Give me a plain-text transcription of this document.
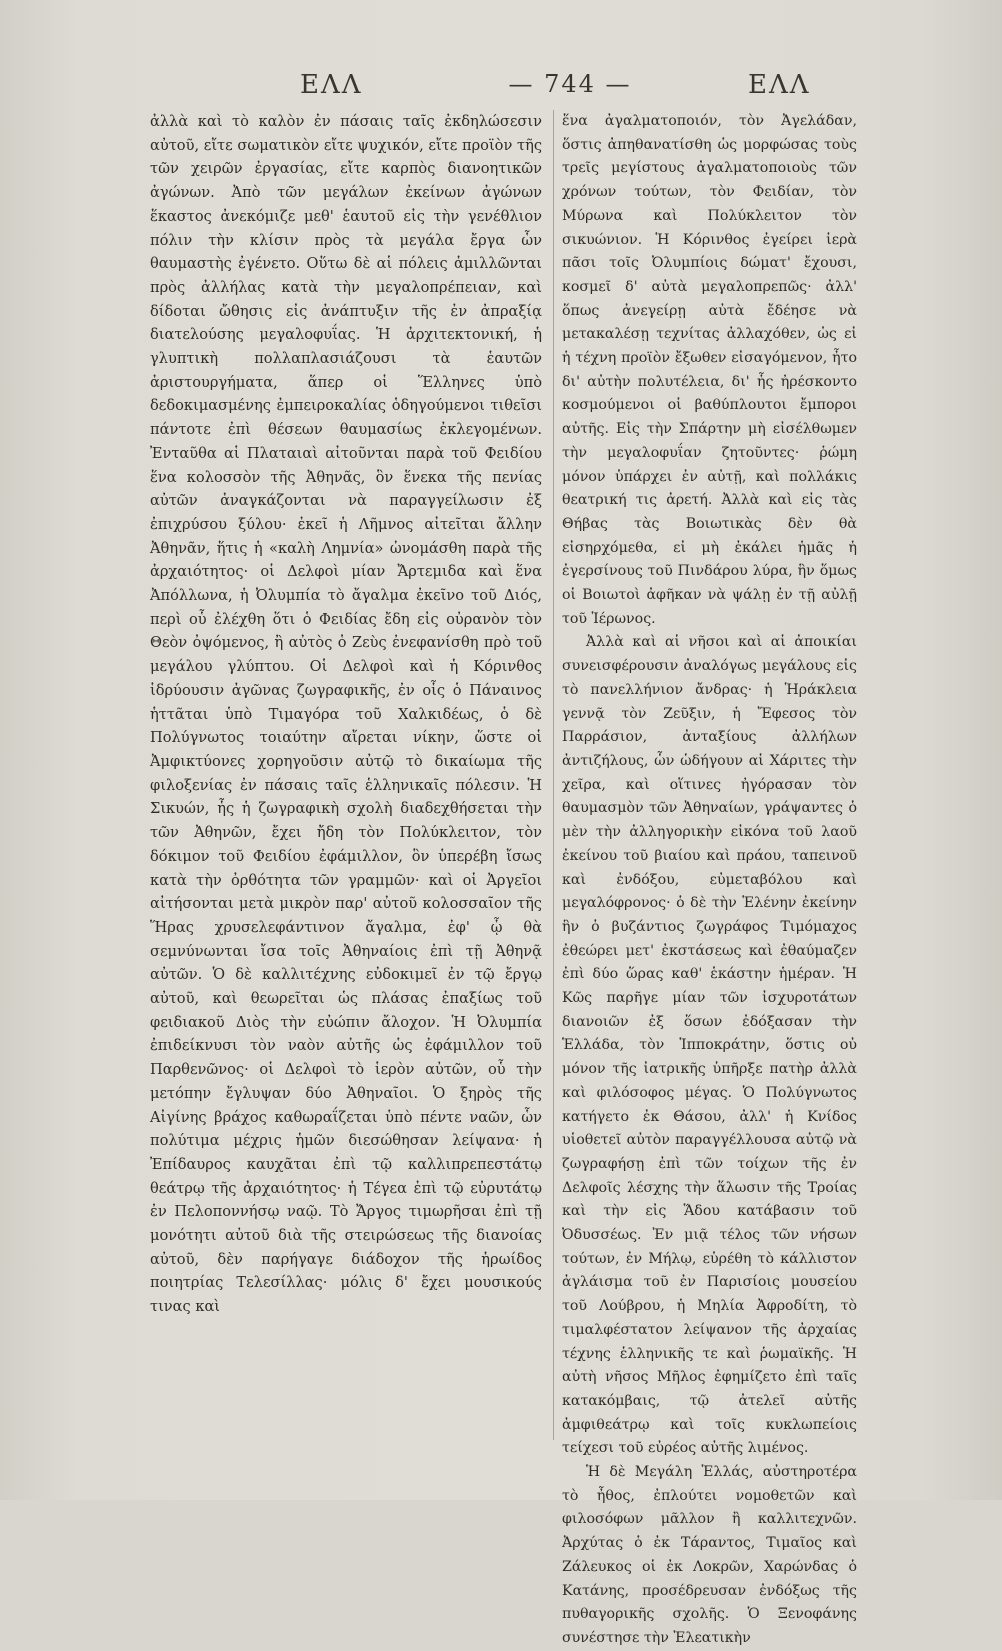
ΕΛΛ	— 744 —	ΕΛΛ

ἀλλὰ καὶ τὸ καλὸν ἐν πάσαις ταῖς ἐκδηλώσεσιν αὐτοῦ, εἴτε σωματικὸν εἴτε ψυχικόν, εἴτε προϊὸν τῆς τῶν χειρῶν ἐργασίας, εἴτε καρπὸς διανοητικῶν ἀγώνων. Ἀπὸ τῶν μεγάλων ἐκείνων ἀγώνων ἕκαστος ἀνεκόμιζε μεθ' ἑαυτοῦ εἰς τὴν γενέθλιον πόλιν τὴν κλίσιν πρὸς τὰ μεγάλα ἔργα ὧν θαυμαστὴς ἐγένετο. Οὕτω δὲ αἱ πόλεις ἁμιλλῶνται πρὸς ἀλλήλας κατὰ τὴν μεγαλοπρέπειαν, καὶ δίδοται ὤθησις εἰς ἀνάπτυξιν τῆς ἐν ἀπραξίᾳ διατελούσης μεγαλοφυΐας. Ἡ ἀρχιτεκτονική, ἡ γλυπτικὴ πολλαπλασιάζουσι τὰ ἑαυτῶν ἀριστουργήματα, ἅπερ οἱ Ἕλληνες ὑπὸ δεδοκιμασμένης ἐμπειροκαλίας ὁδηγούμενοι τιθεῖσι πάντοτε ἐπὶ θέσεων θαυμασίως ἐκλεγομένων. Ἐνταῦθα αἱ Πλαταιαὶ αἰτοῦνται παρὰ τοῦ Φειδίου ἕνα κολοσσὸν τῆς Ἀθηνᾶς, ὃν ἕνεκα τῆς πενίας αὐτῶν ἀναγκάζονται νὰ παραγγείλωσιν ἐξ ἐπιχρύσου ξύλου· ἐκεῖ ἡ Λῆμνος αἰτεῖται ἄλλην Ἀθηνᾶν, ἥτις ἡ «καλὴ Λημνία» ὠνομάσθη παρὰ τῆς ἀρχαιότητος· οἱ Δελφοὶ μίαν Ἄρτεμιδα καὶ ἕνα Ἀπόλλωνα, ἡ Ὀλυμπία τὸ ἄγαλμα ἐκεῖνο τοῦ Διός, περὶ οὗ ἐλέχθη ὅτι ὁ Φειδίας ἔδη εἰς οὐρανὸν τὸν Θεὸν ὀψόμενος, ἢ αὐτὸς ὁ Ζεὺς ἐνεφανίσθη πρὸ τοῦ μεγάλου γλύπτου. Οἱ Δελφοὶ καὶ ἡ Κόρινθος ἱδρύουσιν ἀγῶνας ζωγραφικῆς, ἐν οἷς ὁ Πάναινος ἡττᾶται ὑπὸ Τιμαγόρα τοῦ Χαλκιδέως, ὁ δὲ Πολύγνωτος τοιαύτην αἴρεται νίκην, ὥστε οἱ Ἀμφικτύονες χορηγοῦσιν αὐτῷ τὸ δικαίωμα τῆς φιλοξενίας ἐν πάσαις ταῖς ἑλληνικαῖς πόλεσιν. Ἡ Σικυών, ἧς ἡ ζωγραφικὴ σχολὴ διαδεχθήσεται τὴν τῶν Ἀθηνῶν, ἔχει ἤδη τὸν Πολύκλειτον, τὸν δόκιμον τοῦ Φειδίου ἐφάμιλλον, ὃν ὑπερέβη ἴσως κατὰ τὴν ὀρθότητα τῶν γραμμῶν· καὶ οἱ Ἀργεῖοι αἰτήσονται μετὰ μικρὸν παρ' αὐτοῦ κολοσσαῖον τῆς Ἥρας χρυσελεφάντινον ἄγαλμα, ἐφ' ᾧ θὰ σεμνύνωνται ἴσα τοῖς Ἀθηναίοις ἐπὶ τῇ Ἀθηνᾷ αὐτῶν. Ὁ δὲ καλλιτέχνης εὐδοκιμεῖ ἐν τῷ ἔργῳ αὐτοῦ, καὶ θεωρεῖται ὡς πλάσας ἐπαξίως τοῦ φειδιακοῦ Διὸς τὴν εὐώπιν ἄλοχον. Ἡ Ὀλυμπία ἐπιδείκνυσι τὸν ναὸν αὐτῆς ὡς ἐφάμιλλον τοῦ Παρθενῶνος· οἱ Δελφοὶ τὸ ἱερὸν αὐτῶν, οὗ τὴν μετόπην ἔγλυψαν δύο Ἀθηναῖοι. Ὁ ξηρὸς τῆς Αἰγίνης βράχος καθωραΐζεται ὑπὸ πέντε ναῶν, ὧν πολύτιμα μέχρις ἡμῶν διεσώθησαν λείψανα· ἡ Ἐπίδαυρος καυχᾶται ἐπὶ τῷ καλλιπρεπεστάτῳ θεάτρῳ τῆς ἀρχαιότητος· ἡ Τέγεα ἐπὶ τῷ εὐρυτάτῳ ἐν Πελοποννήσῳ ναῷ. Τὸ Ἄργος τιμωρῆσαι ἐπὶ τῇ μονότητι αὐτοῦ διὰ τῆς στειρώσεως τῆς διανοίας αὐτοῦ, δὲν παρήγαγε διάδοχον τῆς ἡρωίδος ποιητρίας Τελεσίλλας· μόλις δ' ἔχει μουσικούς τινας καὶ

ἕνα ἀγαλματοποιόν, τὸν Ἀγελάδαν, ὅστις ἀπηθανατίσθη ὡς μορφώσας τοὺς τρεῖς μεγίστους ἀγαλματοποιοὺς τῶν χρόνων τούτων, τὸν Φειδίαν, τὸν Μύρωνα καὶ Πολύκλειτον τὸν σικυώνιον. Ἡ Κόρινθος ἐγείρει ἱερὰ πᾶσι τοῖς Ὀλυμπίοις δώματ' ἔχουσι, κοσμεῖ δ' αὐτὰ μεγαλοπρεπῶς· ἀλλ' ὅπως ἀνεγείρῃ αὐτὰ ἔδέησε νὰ μετακαλέσῃ τεχνίτας ἀλλαχόθεν, ὡς εἰ ἡ τέχνη προϊὸν ἔξωθεν εἰσαγόμενον, ἦτο δι' αὐτὴν πολυτέλεια, δι' ἧς ἠρέσκοντο κοσμούμενοι οἱ βαθύπλουτοι ἔμποροι αὐτῆς. Εἰς τὴν Σπάρτην μὴ εἰσέλθωμεν τὴν μεγαλοφυΐαν ζητοῦντες· ῥώμη μόνον ὑπάρχει ἐν αὐτῇ, καὶ πολλάκις θεατρική τις ἀρετή. Ἀλλὰ καὶ εἰς τὰς Θήβας τὰς Βοιωτικὰς δὲν θὰ εἰσηρχόμεθα, εἰ μὴ ἐκάλει ἡμᾶς ἡ ἐγερσίνους τοῦ Πινδάρου λύρα, ἣν ὅμως οἱ Βοιωτοὶ ἀφῆκαν νὰ ψάλῃ ἐν τῇ αὐλῇ τοῦ Ἱέρωνος.

Ἀλλὰ καὶ αἱ νῆσοι καὶ αἱ ἀποικίαι συνεισφέρουσιν ἀναλόγως μεγάλους εἰς τὸ πανελλήνιον ἄνδρας· ἡ Ἡράκλεια γεννᾷ τὸν Ζεῦξιν, ἡ Ἔφεσος τὸν Παρράσιον, ἀνταξίους ἀλλήλων ἀντιζήλους, ὧν ὡδήγουν αἱ Χάριτες τὴν χεῖρα, καὶ οἵτινες ἠγόρασαν τὸν θαυμασμὸν τῶν Ἀθηναίων, γράψαντες ὁ μὲν τὴν ἀλληγορικὴν εἰκόνα τοῦ λαοῦ ἐκείνου τοῦ βιαίου καὶ πράου, ταπεινοῦ καὶ ἐνδόξου, εὐμεταβόλου καὶ μεγαλόφρονος· ὁ δὲ τὴν Ἑλένην ἐκείνην ἣν ὁ βυζάντιος ζωγράφος Τιμόμαχος ἐθεώρει μετ' ἐκστάσεως καὶ ἐθαύμαζεν ἐπὶ δύο ὥρας καθ' ἑκάστην ἡμέραν. Ἡ Κῶς παρῆγε μίαν τῶν ἰσχυροτάτων διανοιῶν ἐξ ὅσων ἐδόξασαν τὴν Ἑλλάδα, τὸν Ἱπποκράτην, ὅστις οὐ μόνον τῆς ἰατρικῆς ὑπῆρξε πατὴρ ἀλλὰ καὶ φιλόσοφος μέγας. Ὁ Πολύγνωτος κατήγετο ἐκ Θάσου, ἀλλ' ἡ Κνίδος υἱοθετεῖ αὐτὸν παραγγέλλουσα αὐτῷ νὰ ζωγραφήσῃ ἐπὶ τῶν τοίχων τῆς ἐν Δελφοῖς λέσχης τὴν ἅλωσιν τῆς Τροίας καὶ τὴν εἰς Ἅδου κατάβασιν τοῦ Ὀδυσσέως. Ἐν μιᾷ τέλος τῶν νήσων τούτων, ἐν Μήλῳ, εὑρέθη τὸ κάλλιστον ἀγλάισμα τοῦ ἐν Παρισίοις μουσείου τοῦ Λούβρου, ἡ Μηλία Ἀφροδίτη, τὸ τιμαλφέστατον λείψανον τῆς ἀρχαίας τέχνης ἑλληνικῆς τε καὶ ῥωμαϊκῆς. Ἡ αὐτὴ νῆσος Μῆλος ἐφημίζετο ἐπὶ ταῖς κατακόμβαις, τῷ ἀτελεῖ αὐτῆς ἀμφιθεάτρῳ καὶ τοῖς κυκλωπείοις τείχεσι τοῦ εὐρέος αὐτῆς λιμένος.

Ἡ δὲ Μεγάλη Ἑλλάς, αὐστηροτέρα τὸ ἦθος, ἐπλούτει νομοθετῶν καὶ φιλοσόφων μᾶλλον ἢ καλλιτεχνῶν. Ἀρχύτας ὁ ἐκ Τάραντος, Τιμαῖος καὶ Ζάλευκος οἱ ἐκ Λοκρῶν, Χαρώνδας ὁ Κατάνης, προσέδρευσαν ἐνδόξως τῆς πυθαγορικῆς σχολῆς. Ὁ Ξενοφάνης συνέστησε τὴν Ἐλεατικὴν
